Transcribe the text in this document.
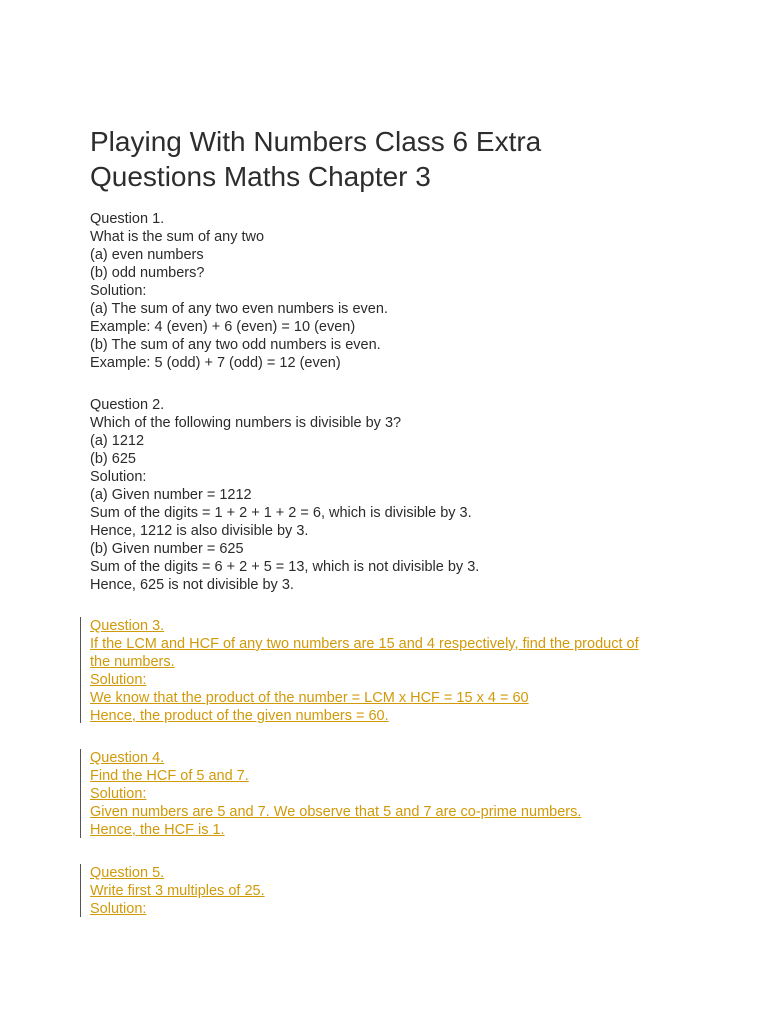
Playing With Numbers Class 6 Extra
Questions Maths Chapter 3
Question 1.
What is the sum of any two
(a) even numbers
(b) odd numbers?
Solution:
(a) The sum of any two even numbers is even.
Example: 4 (even) + 6 (even) = 10 (even)
(b) The sum of any two odd numbers is even.
Example: 5 (odd) + 7 (odd) = 12 (even)
Question 2.
Which of the following numbers is divisible by 3?
(a) 1212
(b) 625
Solution:
(a) Given number = 1212
Sum of the digits = 1 + 2 + 1 + 2 = 6, which is divisible by 3.
Hence, 1212 is also divisible by 3.
(b) Given number = 625
Sum of the digits = 6 + 2 + 5 = 13, which is not divisible by 3.
Hence, 625 is not divisible by 3.
Question 3.
If the LCM and HCF of any two numbers are 15 and 4 respectively, find the product of
the numbers.
Solution:
We know that the product of the number = LCM x HCF = 15 x 4 = 60
Hence, the product of the given numbers = 60.
Question 4.
Find the HCF of 5 and 7.
Solution:
Given numbers are 5 and 7. We observe that 5 and 7 are co-prime numbers.
Hence, the HCF is 1.
Question 5.
Write first 3 multiples of 25.
Solution:
